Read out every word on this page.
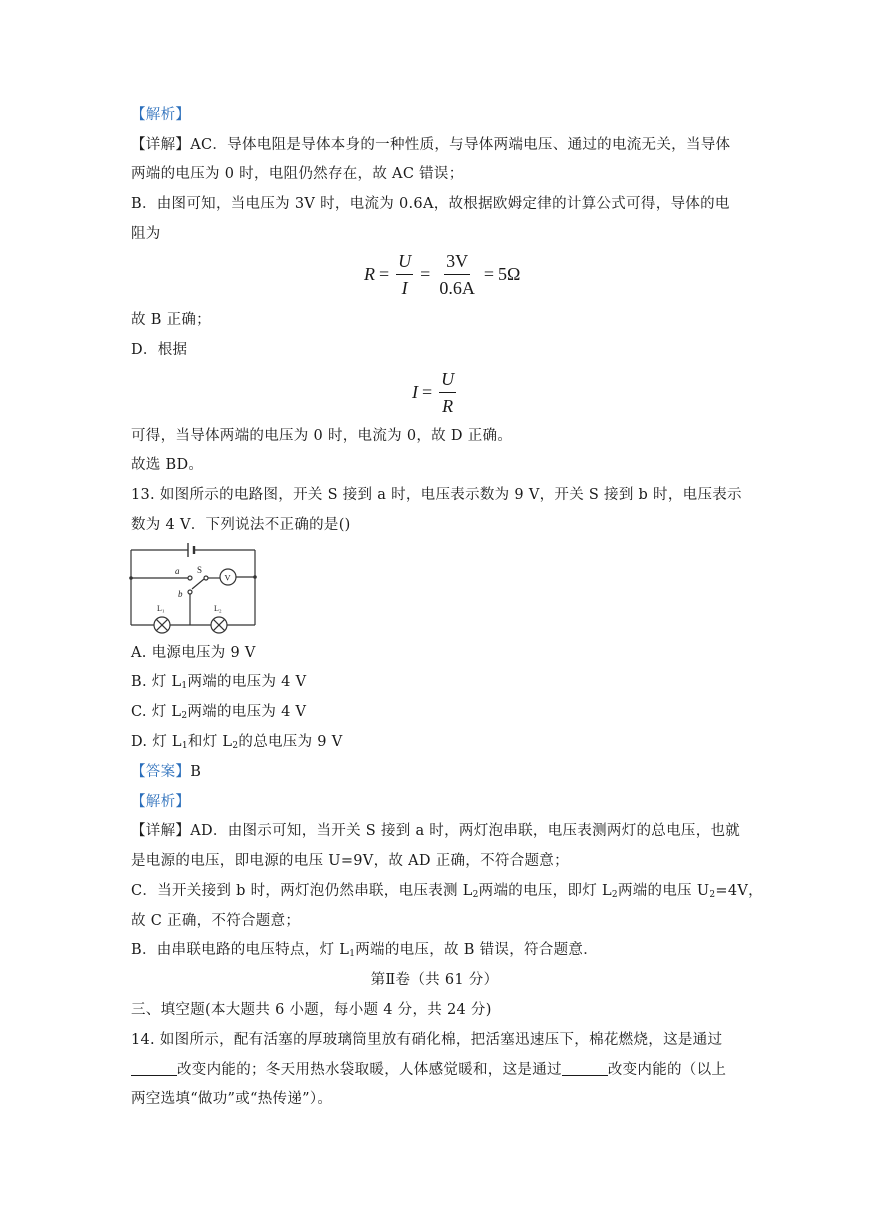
【解析】
【详解】AC．导体电阻是导体本身的一种性质，与导体两端电压、通过的电流无关，当导体
两端的电压为 0 时，电阻仍然存在，故 AC 错误；
B．由图可知，当电压为 3V 时，电流为 0.6A，故根据欧姆定律的计算公式可得，导体的电
阻为
$R = \frac{U}{I} = \frac{3V}{0.6A} = 5\Omega$
故 B 正确；
D．根据
$I = \frac{U}{R}$
可得，当导体两端的电压为 0 时，电流为 0，故 D 正确。
故选 BD。
13. 如图所示的电路图，开关 S 接到 a 时，电压表示数为 9 V，开关 S 接到 b 时，电压表示
数为 4 V．下列说法不正确的是()
a S
b
V
L₁	L₂
A. 电源电压为 9 V
B. 灯 $L_1$两端的电压为 4 V
C. 灯 $L_2$两端的电压为 4 V
D. 灯 $L_1$和灯 $L_2$的总电压为 9 V
【答案】B
【解析】
【详解】AD．由图示可知，当开关 S 接到 a 时，两灯泡串联，电压表测两灯的总电压，也就
是电源的电压，即电源的电压 U=9V，故 AD 正确，不符合题意；
C．当开关接到 b 时，两灯泡仍然串联，电压表测 $L_2$两端的电压，即灯 $L_2$两端的电压 $U_2=4V$，
故 C 正确，不符合题意；
B．由串联电路的电压特点，灯 $L_1$两端的电压，故 B 错误，符合题意．
第Ⅱ卷（共 61 分）
三、填空题(本大题共 6 小题，每小题 4 分，共 24 分)
14. 如图所示，配有活塞的厚玻璃筒里放有硝化棉，把活塞迅速压下，棉花燃烧，这是通过
改变内能的；冬天用热水袋取暖，人体感觉暖和，这是通过	改变内能的（以上
两空选填“做功”或“热传递”）。
